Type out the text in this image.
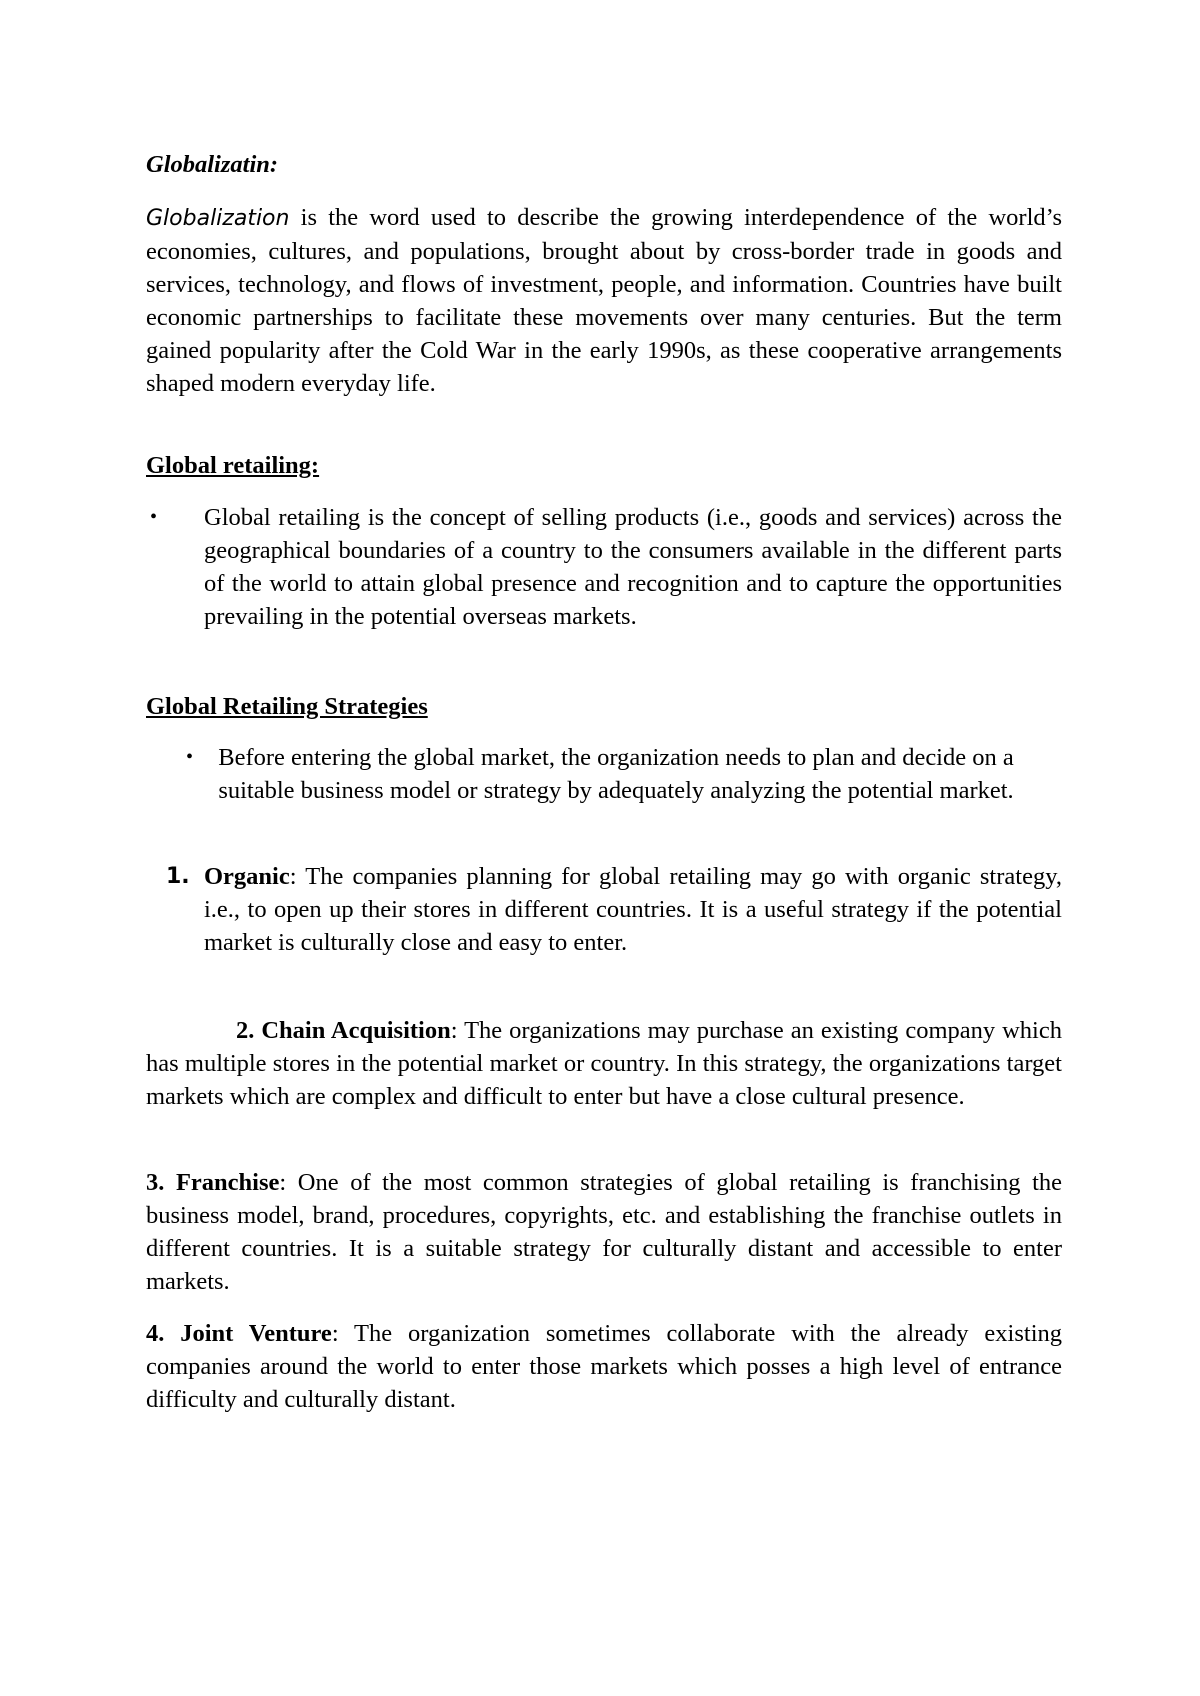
Globalizatin:

Globalization is the word used to describe the growing interdependence of the world’s economies, cultures, and populations, brought about by cross-border trade in goods and services, technology, and flows of investment, people, and information. Countries have built economic partnerships to facilitate these movements over many centuries. But the term gained popularity after the Cold War in the early 1990s, as these cooperative arrangements shaped modern everyday life.

Global retailing:

• Global retailing is the concept of selling products (i.e., goods and services) across the geographical boundaries of a country to the consumers available in the different parts of the world to attain global presence and recognition and to capture the opportunities prevailing in the potential overseas markets.

Global Retailing Strategies

• Before entering the global market, the organization needs to plan and decide on a suitable business model or strategy by adequately analyzing the potential market.

1. Organic: The companies planning for global retailing may go with organic strategy, i.e., to open up their stores in different countries. It is a useful strategy if the potential market is culturally close and easy to enter.

2. Chain Acquisition: The organizations may purchase an existing company which has multiple stores in the potential market or country. In this strategy, the organizations target markets which are complex and difficult to enter but have a close cultural presence.

3. Franchise: One of the most common strategies of global retailing is franchising the business model, brand, procedures, copyrights, etc. and establishing the franchise outlets in different countries. It is a suitable strategy for culturally distant and accessible to enter markets.

4. Joint Venture: The organization sometimes collaborate with the already existing companies around the world to enter those markets which posses a high level of entrance difficulty and culturally distant.
